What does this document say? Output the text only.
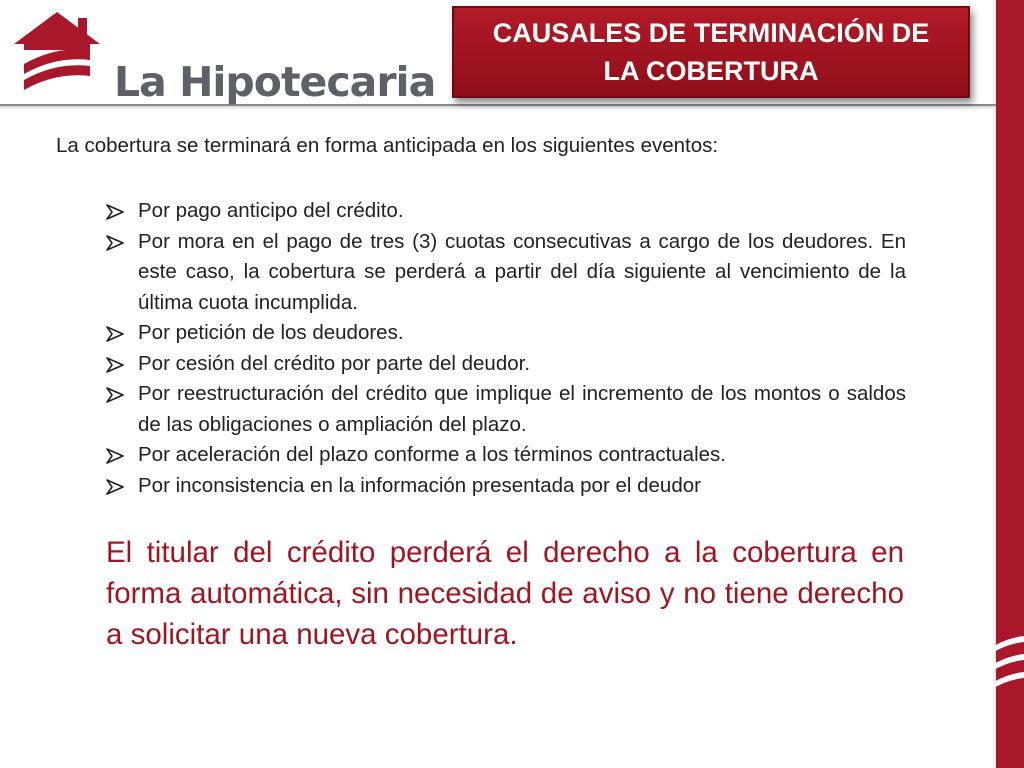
La Hipotecaria
CAUSALES DE TERMINACIÓN DE LA COBERTURA
La cobertura se terminará en forma anticipada en los siguientes eventos:
Por pago anticipo del crédito.
Por mora en el pago de tres (3) cuotas consecutivas a cargo de los deudores. En este caso, la cobertura se perderá a partir del día siguiente al vencimiento de la última cuota incumplida.
Por petición de los deudores.
Por cesión del crédito por parte del deudor.
Por reestructuración del crédito que implique el incremento de los montos o saldos de las obligaciones o ampliación del plazo.
Por aceleración del plazo conforme a los términos contractuales.
Por inconsistencia en la información presentada por el deudor
El titular del crédito perderá el derecho a la cobertura en forma automática, sin necesidad de aviso y no tiene derecho a solicitar una nueva cobertura.
